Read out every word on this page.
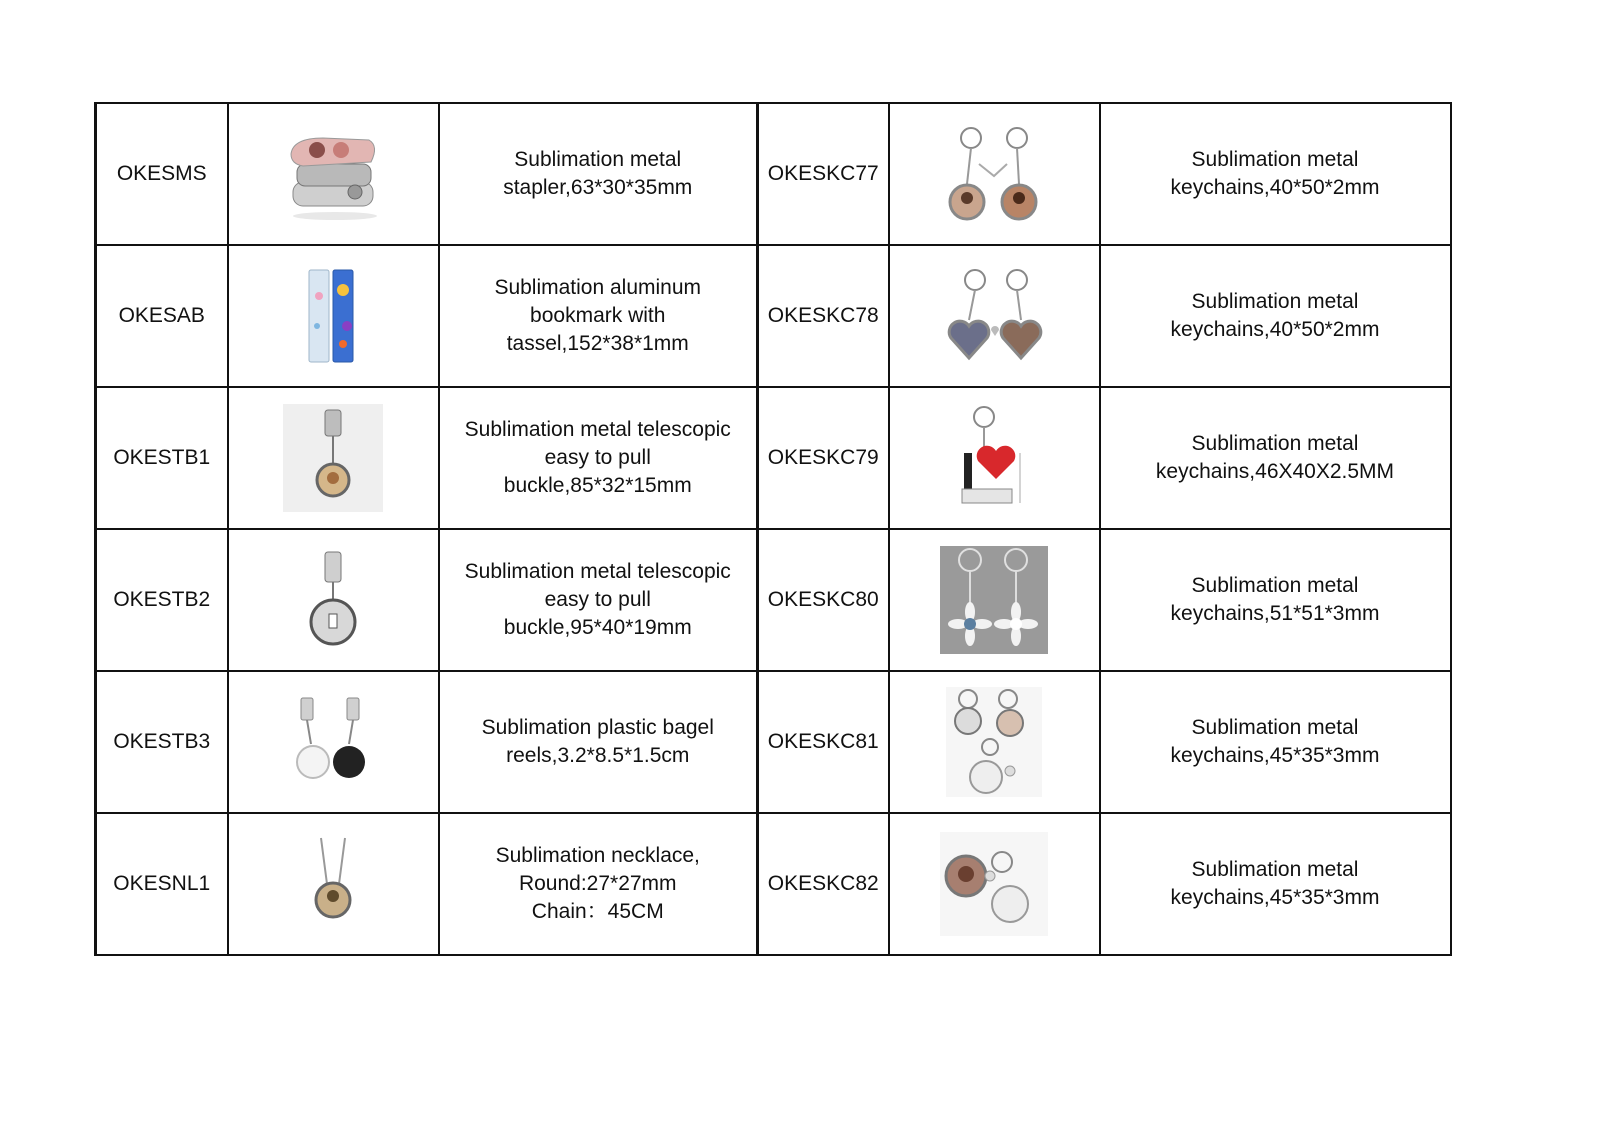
OKESMS		Sublimation metal
stapler,63*30*35mm	OKESKC77		Sublimation metal
keychains,40*50*2mm
OKESAB		Sublimation aluminum
bookmark with
tassel,152*38*1mm	OKESKC78		Sublimation metal
keychains,40*50*2mm
OKESTB1		Sublimation metal telescopic
easy to pull
buckle,85*32*15mm	OKESKC79		Sublimation metal
keychains,46X40X2.5MM
OKESTB2		Sublimation metal telescopic
easy to pull
buckle,95*40*19mm	OKESKC80		Sublimation metal
keychains,51*51*3mm
OKESTB3		Sublimation plastic bagel
reels,3.2*8.5*1.5cm	OKESKC81		Sublimation metal
keychains,45*35*3mm
OKESNL1		Sublimation necklace,
Round:27*27mm
Chain：45CM	OKESKC82		Sublimation metal
keychains,45*35*3mm
